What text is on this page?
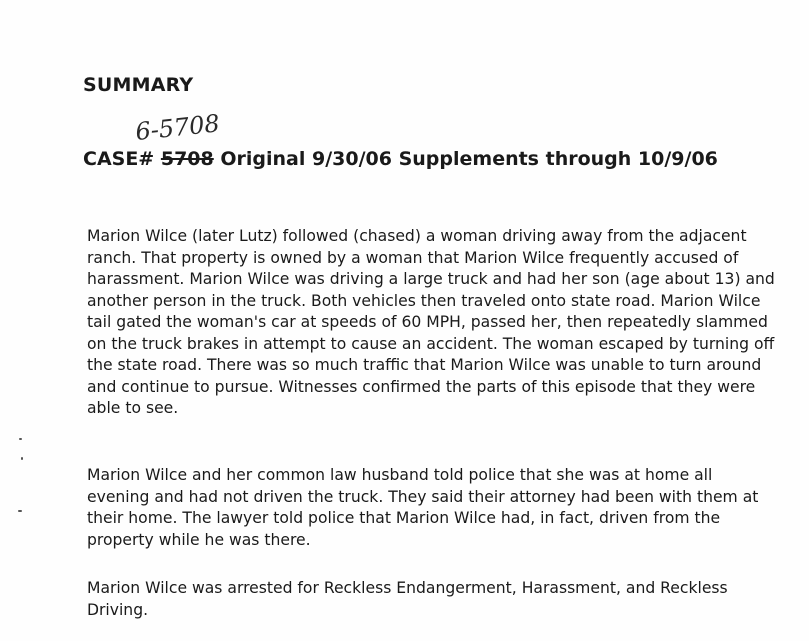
SUMMARY
6-5708
CASE# 5708 Original 9/30/06 Supplements through 10/9/06

Marion Wilce (later Lutz) followed (chased) a woman driving away from the adjacent ranch. That property is owned by a woman that Marion Wilce frequently accused of harassment. Marion Wilce was driving a large truck and had her son (age about 13) and another person in the truck. Both vehicles then traveled onto state road. Marion Wilce tail gated the woman's car at speeds of 60 MPH, passed her, then repeatedly slammed on the truck brakes in attempt to cause an accident. The woman escaped by turning off the state road. There was so much traffic that Marion Wilce was unable to turn around and continue to pursue. Witnesses confirmed the parts of this episode that they were able to see.

Marion Wilce and her common law husband told police that she was at home all evening and had not driven the truck. They said their attorney had been with them at their home. The lawyer told police that Marion Wilce had, in fact, driven from the property while he was there.

Marion Wilce was arrested for Reckless Endangerment, Harassment, and Reckless Driving.
